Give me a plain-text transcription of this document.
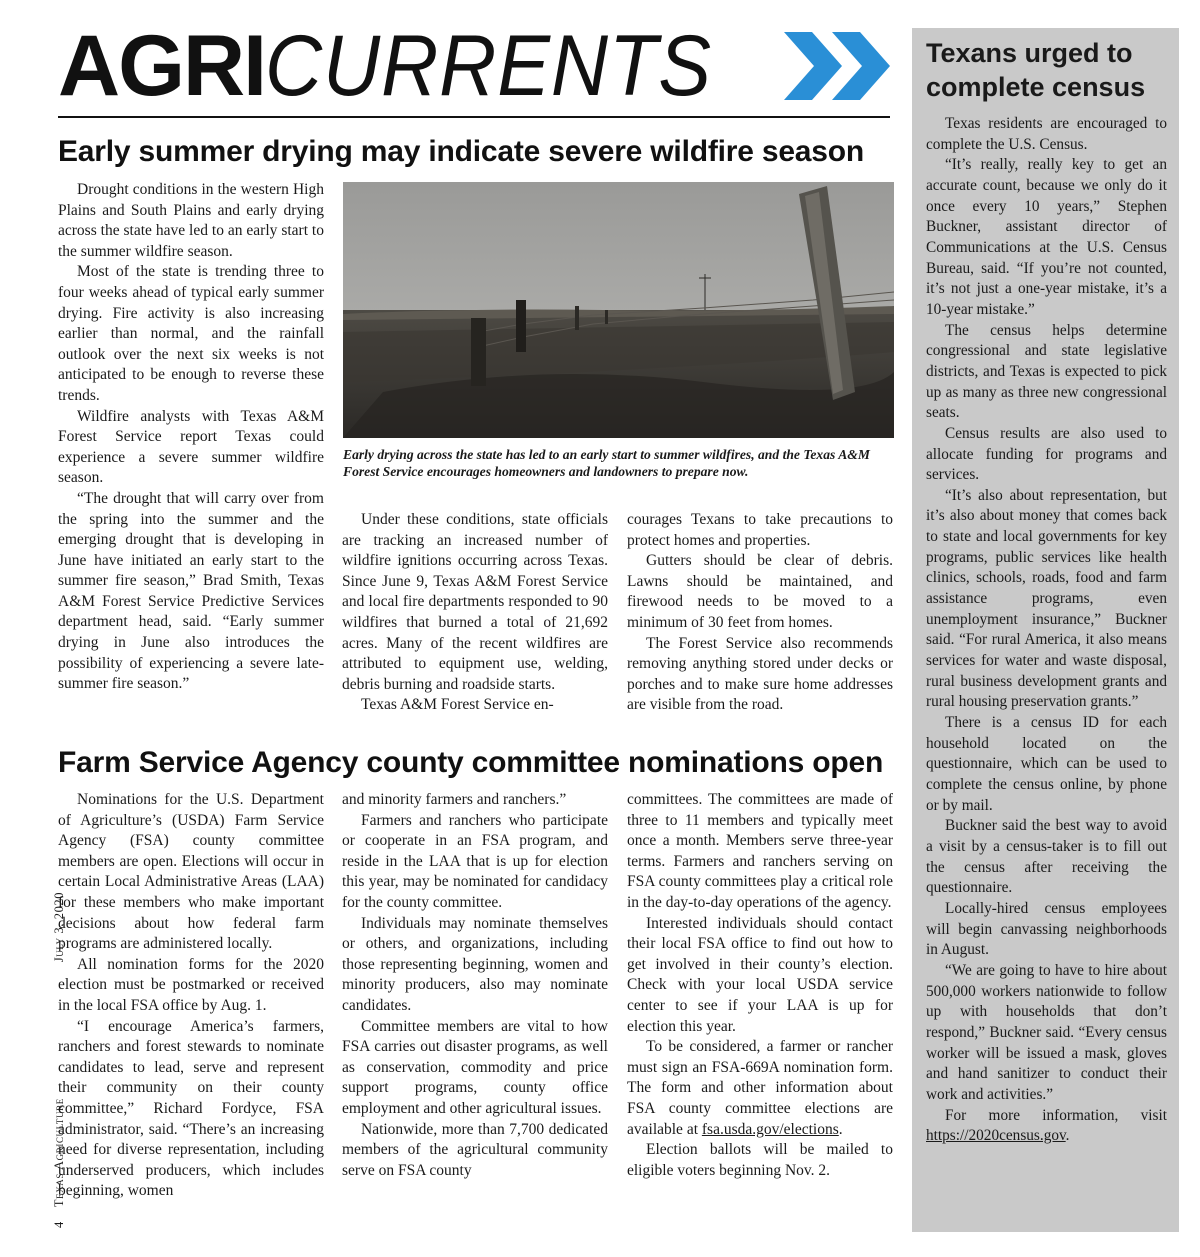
AGRICURRENTS
Early summer drying may indicate severe wildfire season

Drought conditions in the western High Plains and South Plains and early drying across the state have led to an early start to the summer wildfire season.

Most of the state is trending three to four weeks ahead of typical early summer drying. Fire activity is also increasing earlier than normal, and the rainfall outlook over the next six weeks is not anticipated to be enough to reverse these trends.

Wildfire analysts with Texas A&M Forest Service report Texas could experience a severe summer wildfire season.

“The drought that will carry over from the spring into the summer and the emerging drought that is developing in June have initiated an early start to the summer fire season,” Brad Smith, Texas A&M Forest Service Predictive Services department head, said. “Early summer drying in June also introduces the possibility of experiencing a severe late-summer fire season.”

Early drying across the state has led to an early start to summer wildfires, and the Texas A&M Forest Service encourages homeowners and landowners to prepare now.

Under these conditions, state officials are tracking an increased number of wildfire ignitions occurring across Texas. Since June 9, Texas A&M Forest Service and local fire departments responded to 90 wildfires that burned a total of 21,692 acres. Many of the recent wildfires are attributed to equipment use, welding, debris burning and roadside starts.

Texas A&M Forest Service en-

courages Texans to take precautions to protect homes and properties.

Gutters should be clear of debris. Lawns should be maintained, and firewood needs to be moved to a minimum of 30 feet from homes.

The Forest Service also recommends removing anything stored under decks or porches and to make sure home addresses are visible from the road.

Farm Service Agency county committee nominations open

Nominations for the U.S. Department of Agriculture’s (USDA) Farm Service Agency (FSA) county committee members are open. Elections will occur in certain Local Administrative Areas (LAA) for these members who make important decisions about how federal farm programs are administered locally.

All nomination forms for the 2020 election must be postmarked or received in the local FSA office by Aug. 1.

“I encourage America’s farmers, ranchers and forest stewards to nominate candidates to lead, serve and represent their community on their county committee,” Richard Fordyce, FSA administrator, said. “There’s an increasing need for diverse representation, including underserved producers, which includes beginning, women

and minority farmers and ranchers.”

Farmers and ranchers who participate or cooperate in an FSA program, and reside in the LAA that is up for election this year, may be nominated for candidacy for the county committee.

Individuals may nominate themselves or others, and organizations, including those representing beginning, women and minority producers, also may nominate candidates.

Committee members are vital to how FSA carries out disaster programs, as well as conservation, commodity and price support programs, county office employment and other agricultural issues.

Nationwide, more than 7,700 dedicated members of the agricultural community serve on FSA county

committees. The committees are made of three to 11 members and typically meet once a month. Members serve three-year terms. Farmers and ranchers serving on FSA county committees play a critical role in the day-to-day operations of the agency.

Interested individuals should contact their local FSA office to find out how to get involved in their county’s election. Check with your local USDA service center to see if your LAA is up for election this year.

To be considered, a farmer or rancher must sign an FSA-669A nomination form. The form and other information about FSA county committee elections are available at fsa.usda.gov/elections.

Election ballots will be mailed to eligible voters beginning Nov. 2.

Texans urged to complete census

Texas residents are encouraged to complete the U.S. Census.

“It’s really, really key to get an accurate count, because we only do it once every 10 years,” Stephen Buckner, assistant director of Communications at the U.S. Census Bureau, said. “If you’re not counted, it’s not just a one-year mistake, it’s a 10-year mistake.”

The census helps determine congressional and state legislative districts, and Texas is expected to pick up as many as three new congressional seats.

Census results are also used to allocate funding for programs and services.

“It’s also about representation, but it’s also about money that comes back to state and local governments for key programs, public services like health clinics, schools, roads, food and farm assistance programs, even unemployment insurance,” Buckner said. “For rural America, it also means services for water and waste disposal, rural business development grants and rural housing preservation grants.”

There is a census ID for each household located on the questionnaire, which can be used to complete the census online, by phone or by mail.

Buckner said the best way to avoid a visit by a census-taker is to fill out the census after receiving the questionnaire.

Locally-hired census employees will begin canvassing neighborhoods in August.

“We are going to have to hire about 500,000 workers nationwide to follow up with households that don’t respond,” Buckner said. “Every census worker will be issued a mask, gloves and hand sanitizer to conduct their work and activities.”

For more information, visit https://2020census.gov.

4Texas AgricultureJuly 3, 2020
